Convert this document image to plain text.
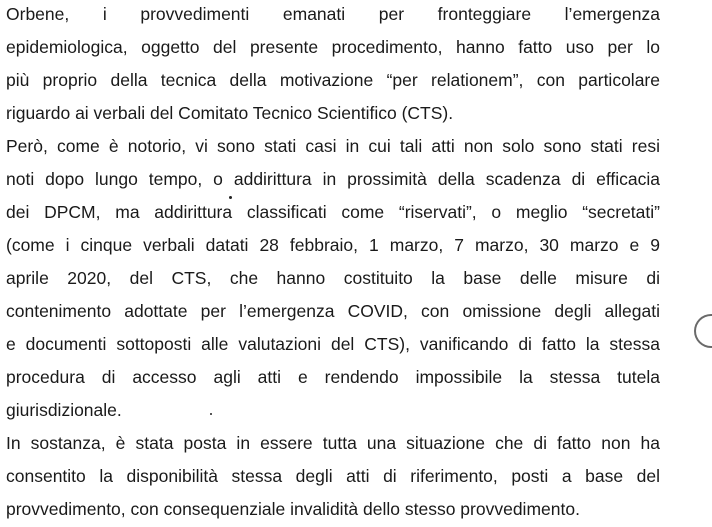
Orbene, i provvedimenti emanati per fronteggiare l’emergenza
epidemiologica, oggetto del presente procedimento, hanno fatto uso per lo
più proprio della tecnica della motivazione “per relationem”, con particolare
riguardo ai verbali del Comitato Tecnico Scientifico (CTS).
Però, come è notorio, vi sono stati casi in cui tali atti non solo sono stati resi
noti dopo lungo tempo, o addirittura in prossimità della scadenza di efficacia
dei DPCM, ma addirittura classificati come “riservati”, o meglio “secretati”
(come i cinque verbali datati 28 febbraio, 1 marzo, 7 marzo, 30 marzo e 9
aprile 2020, del CTS, che hanno costituito la base delle misure di
contenimento adottate per l’emergenza COVID, con omissione degli allegati
e documenti sottoposti alle valutazioni del CTS), vanificando di fatto la stessa
procedura di accesso agli atti e rendendo impossibile la stessa tutela
giurisdizionale.
In sostanza, è stata posta in essere tutta una situazione che di fatto non ha
consentito la disponibilità stessa degli atti di riferimento, posti a base del
provvedimento, con consequenziale invalidità dello stesso provvedimento.
